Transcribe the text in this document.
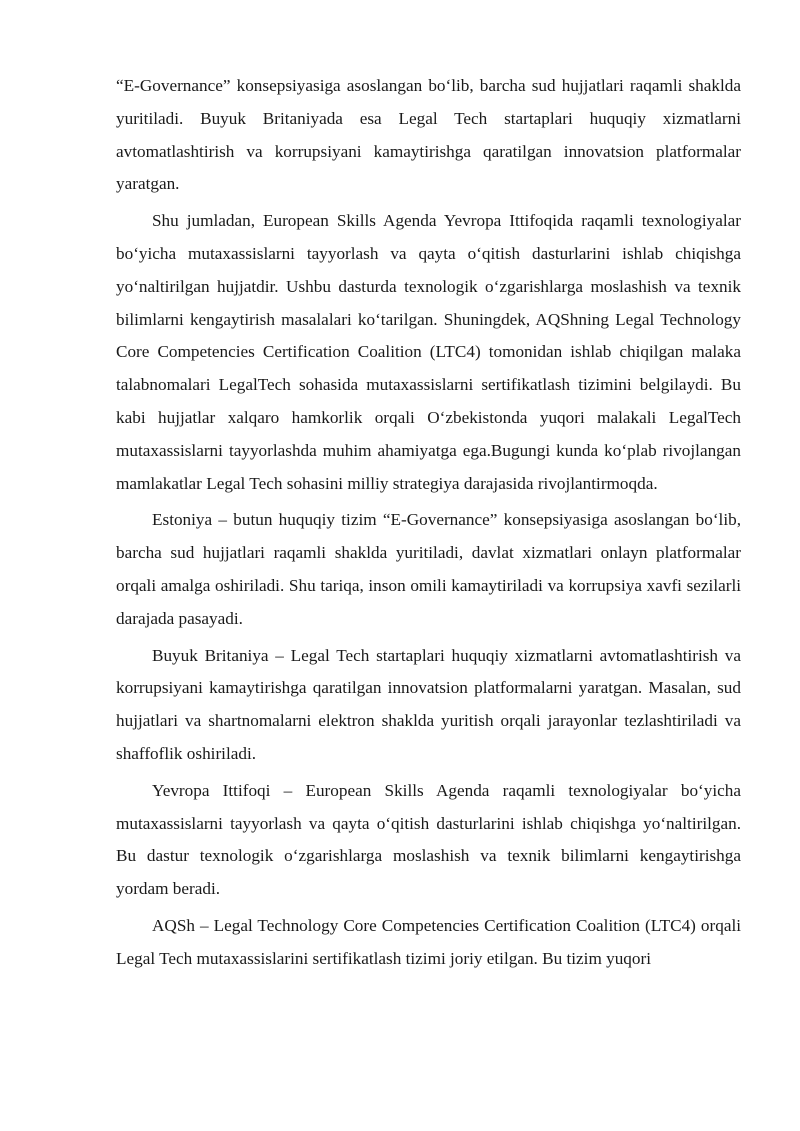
“E-Governance” konsepsiyasiga asoslangan bo‘lib, barcha sud hujjatlari raqamli shaklda yuritiladi. Buyuk Britaniyada esa Legal Tech startaplari huquqiy xizmatlarni avtomatlashtirish va korrupsiyani kamaytirishga qaratilgan innovatsion platformalar yaratgan.

Shu jumladan, European Skills Agenda Yevropa Ittifoqida raqamli texnologiyalar bo‘yicha mutaxassislarni tayyorlash va qayta o‘qitish dasturlarini ishlab chiqishga yo‘naltirilgan hujjatdir. Ushbu dasturda texnologik o‘zgarishlarga moslashish va texnik bilimlarni kengaytirish masalalari ko‘tarilgan. Shuningdek, AQShning Legal Technology Core Competencies Certification Coalition (LTC4) tomonidan ishlab chiqilgan malaka talabnomalari LegalTech sohasida mutaxassislarni sertifikatlash tizimini belgilaydi. Bu kabi hujjatlar xalqaro hamkorlik orqali O‘zbekistonda yuqori malakali LegalTech mutaxassislarni tayyorlashda muhim ahamiyatga ega.Bugungi kunda ko‘plab rivojlangan mamlakatlar Legal Tech sohasini milliy strategiya darajasida rivojlantirmoqda.

Estoniya – butun huquqiy tizim “E-Governance” konsepsiyasiga asoslangan bo‘lib, barcha sud hujjatlari raqamli shaklda yuritiladi, davlat xizmatlari onlayn platformalar orqali amalga oshiriladi. Shu tariqa, inson omili kamaytiriladi va korrupsiya xavfi sezilarli darajada pasayadi.

Buyuk Britaniya – Legal Tech startaplari huquqiy xizmatlarni avtomatlashtirish va korrupsiyani kamaytirishga qaratilgan innovatsion platformalarni yaratgan. Masalan, sud hujjatlari va shartnomalarni elektron shaklda yuritish orqali jarayonlar tezlashtiriladi va shaffoflik oshiriladi.

Yevropa Ittifoqi – European Skills Agenda raqamli texnologiyalar bo‘yicha mutaxassislarni tayyorlash va qayta o‘qitish dasturlarini ishlab chiqishga yo‘naltirilgan. Bu dastur texnologik o‘zgarishlarga moslashish va texnik bilimlarni kengaytirishga yordam beradi.

AQSh – Legal Technology Core Competencies Certification Coalition (LTC4) orqali Legal Tech mutaxassislarini sertifikatlash tizimi joriy etilgan. Bu tizim yuqori
